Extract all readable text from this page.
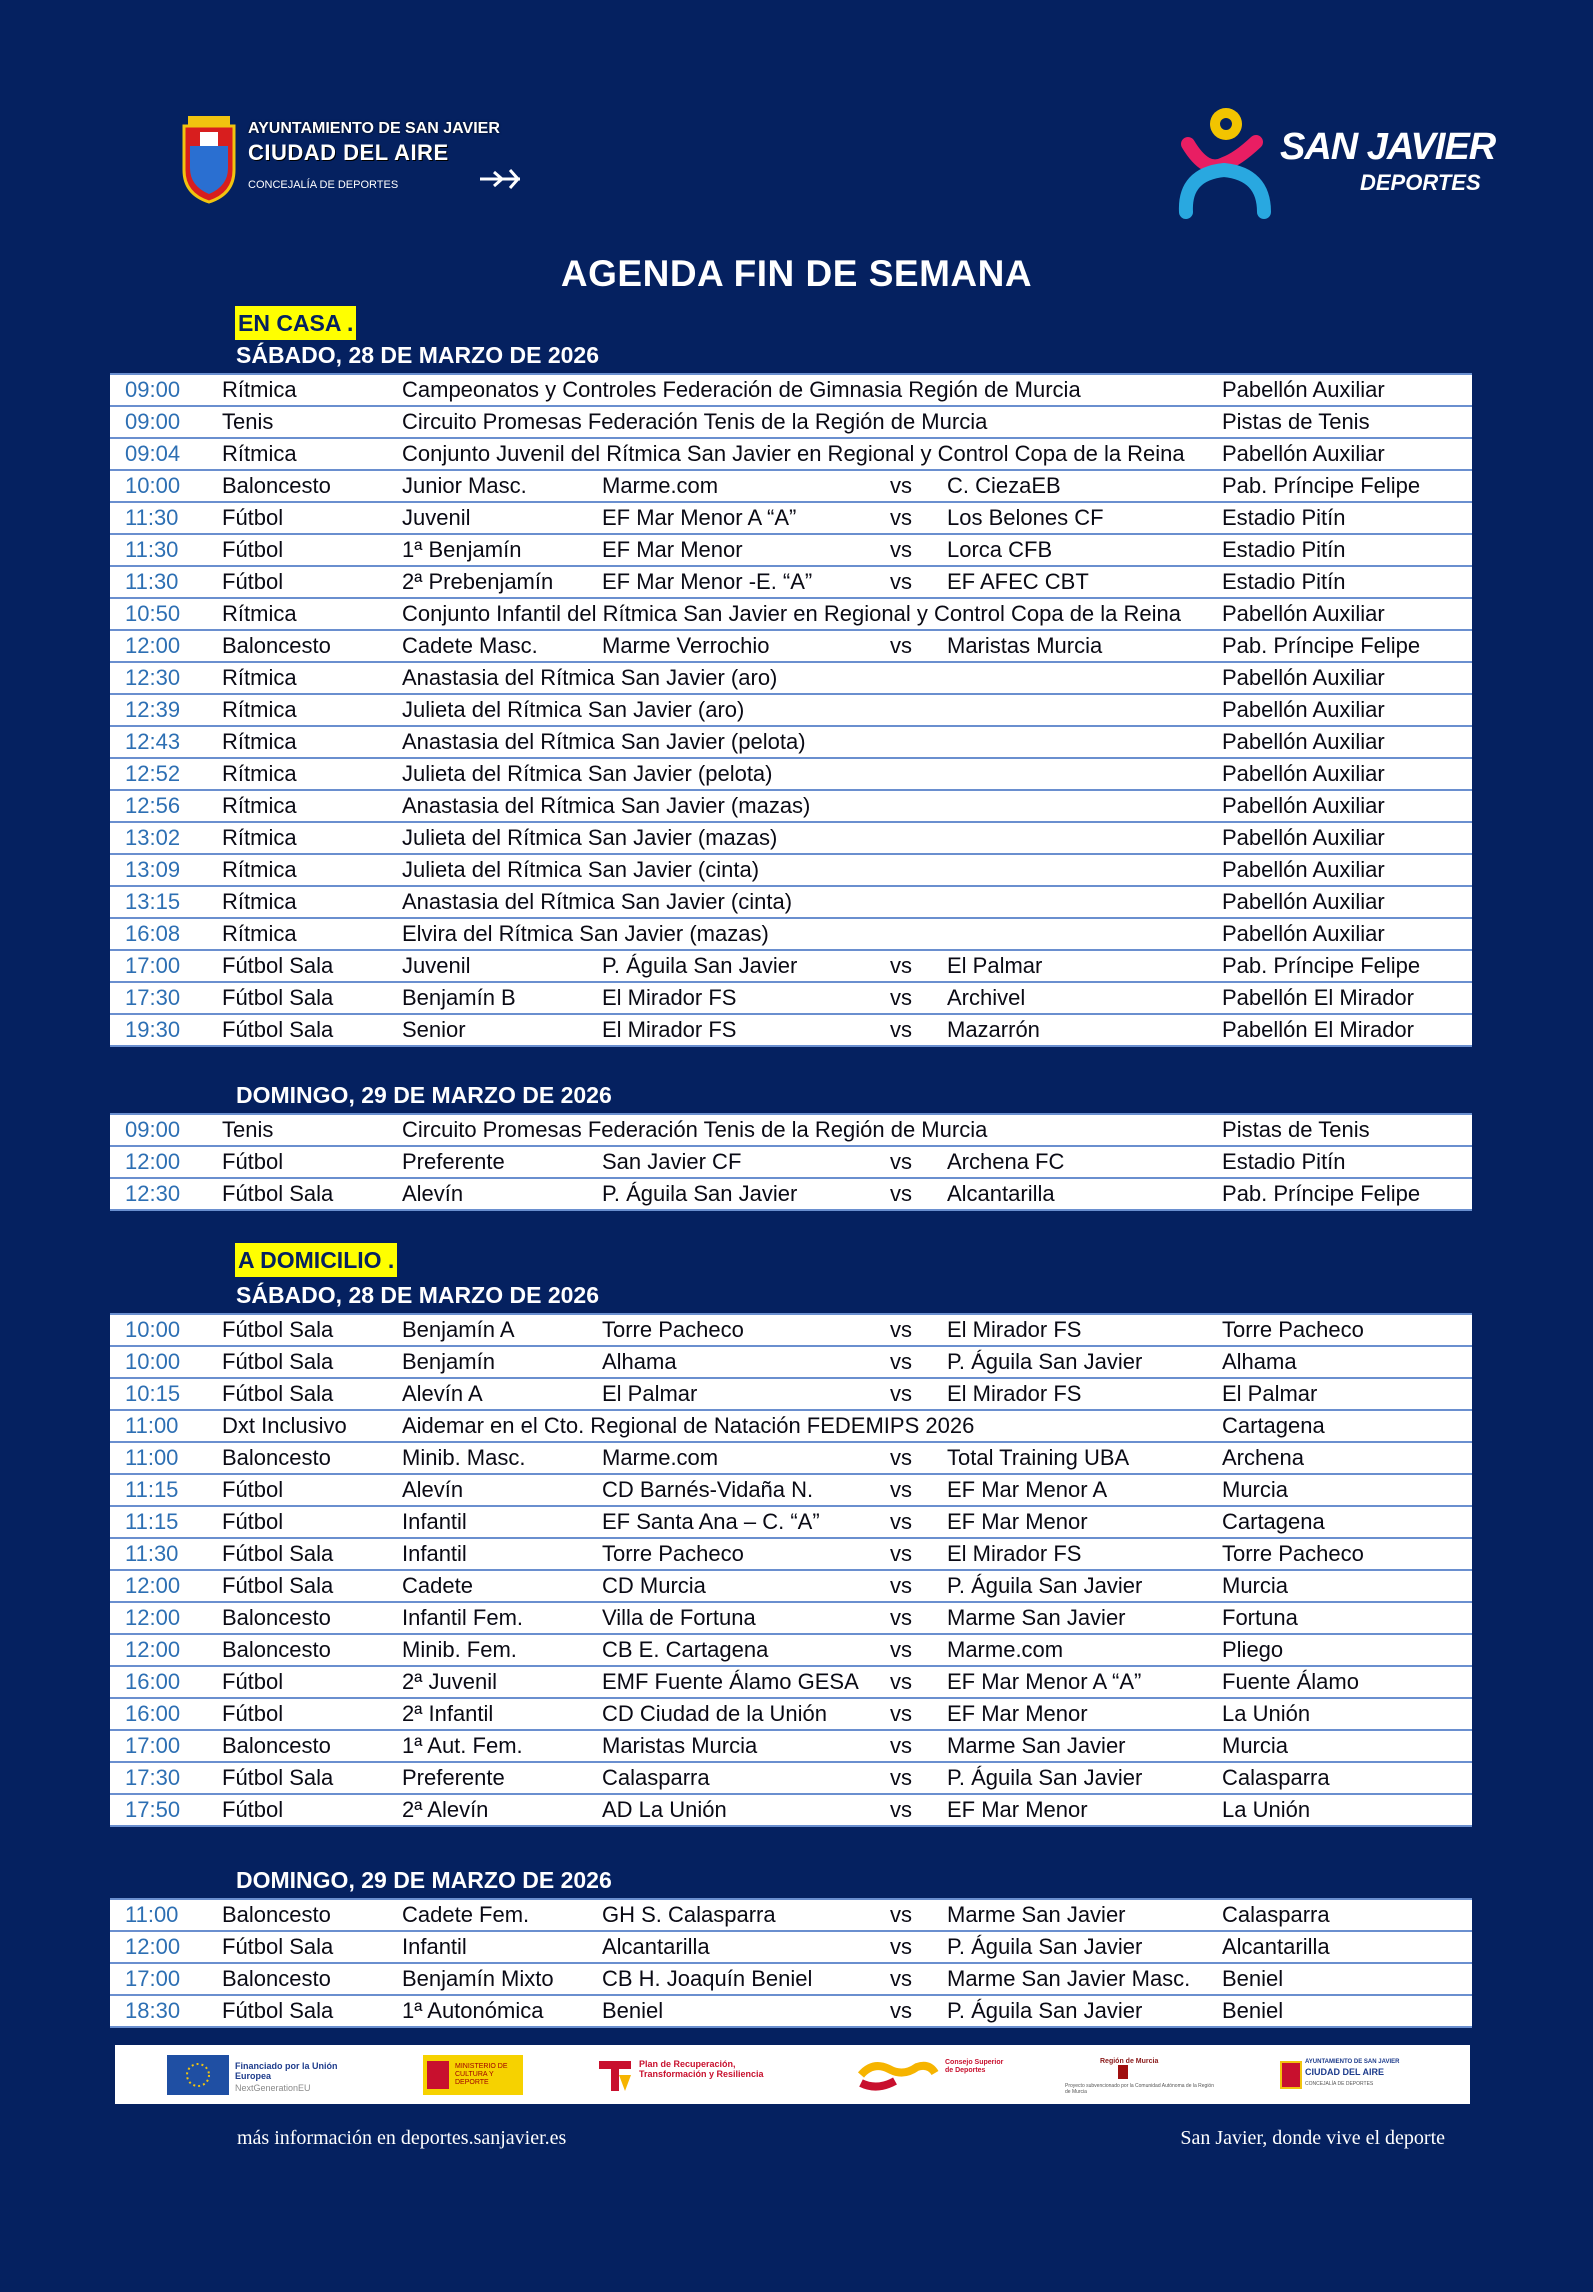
AYUNTAMIENTO DE SAN JAVIER
CIUDAD DEL AIRE
CONCEJALÍA DE DEPORTES
SAN JAVIER
DEPORTES
AGENDA FIN DE SEMANA
EN CASA .
SÁBADO, 28 DE MARZO DE 2026
09:00	Rítmica	Campeonatos y Controles Federación de Gimnasia Región de Murcia				Pabellón Auxiliar
09:00	Tenis	Circuito Promesas Federación Tenis de la Región de Murcia				Pistas de Tenis
09:04	Rítmica	Conjunto Juvenil del Rítmica San Javier en Regional y Control Copa de la Reina				Pabellón Auxiliar
10:00	Baloncesto	Junior Masc.	Marme.com	vs	C. CiezaEB	Pab. Príncipe Felipe
11:30	Fútbol	Juvenil	EF Mar Menor A “A”	vs	Los Belones CF	Estadio Pitín
11:30	Fútbol	1ª Benjamín	EF Mar Menor	vs	Lorca CFB	Estadio Pitín
11:30	Fútbol	2ª Prebenjamín	EF Mar Menor -E. “A”	vs	EF AFEC CBT	Estadio Pitín
10:50	Rítmica	Conjunto Infantil del Rítmica San Javier en Regional y Control Copa de la Reina				Pabellón Auxiliar
12:00	Baloncesto	Cadete Masc.	Marme Verrochio	vs	Maristas Murcia	Pab. Príncipe Felipe
12:30	Rítmica	Anastasia del Rítmica San Javier (aro)				Pabellón Auxiliar
12:39	Rítmica	Julieta del Rítmica San Javier (aro)				Pabellón Auxiliar
12:43	Rítmica	Anastasia del Rítmica San Javier (pelota)				Pabellón Auxiliar
12:52	Rítmica	Julieta del Rítmica San Javier (pelota)				Pabellón Auxiliar
12:56	Rítmica	Anastasia del Rítmica San Javier (mazas)				Pabellón Auxiliar
13:02	Rítmica	Julieta del Rítmica San Javier (mazas)				Pabellón Auxiliar
13:09	Rítmica	Julieta del Rítmica San Javier (cinta)				Pabellón Auxiliar
13:15	Rítmica	Anastasia del Rítmica San Javier (cinta)				Pabellón Auxiliar
16:08	Rítmica	Elvira del Rítmica San Javier (mazas)				Pabellón Auxiliar
17:00	Fútbol Sala	Juvenil	P. Águila San Javier	vs	El Palmar	Pab. Príncipe Felipe
17:30	Fútbol Sala	Benjamín B	El Mirador FS	vs	Archivel	Pabellón El Mirador
19:30	Fútbol Sala	Senior	El Mirador FS	vs	Mazarrón	Pabellón El Mirador
DOMINGO, 29 DE MARZO DE 2026
09:00	Tenis	Circuito Promesas Federación Tenis de la Región de Murcia				Pistas de Tenis
12:00	Fútbol	Preferente	San Javier CF	vs	Archena FC	Estadio Pitín
12:30	Fútbol Sala	Alevín	P. Águila San Javier	vs	Alcantarilla	Pab. Príncipe Felipe
A DOMICILIO .
SÁBADO, 28 DE MARZO DE 2026
10:00	Fútbol Sala	Benjamín A	Torre Pacheco	vs	El Mirador FS	Torre Pacheco
10:00	Fútbol Sala	Benjamín	Alhama	vs	P. Águila San Javier	Alhama
10:15	Fútbol Sala	Alevín A	El Palmar	vs	El Mirador FS	El Palmar
11:00	Dxt Inclusivo	Aidemar en el Cto. Regional de Natación FEDEMIPS 2026				Cartagena
11:00	Baloncesto	Minib. Masc.	Marme.com	vs	Total Training UBA	Archena
11:15	Fútbol	Alevín	CD Barnés-Vidaña N.	vs	EF Mar Menor A	Murcia
11:15	Fútbol	Infantil	EF Santa Ana – C. “A”	vs	EF Mar Menor	Cartagena
11:30	Fútbol Sala	Infantil	Torre Pacheco	vs	El Mirador FS	Torre Pacheco
12:00	Fútbol Sala	Cadete	CD Murcia	vs	P. Águila San Javier	Murcia
12:00	Baloncesto	Infantil Fem.	Villa de Fortuna	vs	Marme San Javier	Fortuna
12:00	Baloncesto	Minib. Fem.	CB E. Cartagena	vs	Marme.com	Pliego
16:00	Fútbol	2ª Juvenil	EMF Fuente Álamo GESA	vs	EF Mar Menor A “A”	Fuente Álamo
16:00	Fútbol	2ª Infantil	CD Ciudad de la Unión	vs	EF Mar Menor	La Unión
17:00	Baloncesto	1ª Aut. Fem.	Maristas Murcia	vs	Marme San Javier	Murcia
17:30	Fútbol Sala	Preferente	Calasparra	vs	P. Águila San Javier	Calasparra
17:50	Fútbol	2ª Alevín	AD La Unión	vs	EF Mar Menor	La Unión
DOMINGO, 29 DE MARZO DE 2026
11:00	Baloncesto	Cadete Fem.	GH S. Calasparra	vs	Marme San Javier	Calasparra
12:00	Fútbol Sala	Infantil	Alcantarilla	vs	P. Águila San Javier	Alcantarilla
17:00	Baloncesto	Benjamín Mixto	CB H. Joaquín Beniel	vs	Marme San Javier Masc.	Beniel
18:30	Fútbol Sala	1ª Autonómica	Beniel	vs	P. Águila San Javier	Beniel
Financiado por la Unión Europea
NextGenerationEU
MINISTERIO DE CULTURA Y DEPORTE
Plan de Recuperación, Transformación y Resiliencia
Consejo Superior de Deportes
Región de Murcia
Proyecto subvencionado por la Comunidad Autónoma de la Región de Murcia
AYUNTAMIENTO DE SAN JAVIER
CIUDAD DEL AIRE
CONCEJALÍA DE DEPORTES
más información en deportes.sanjavier.es	San Javier, donde vive el deporte
